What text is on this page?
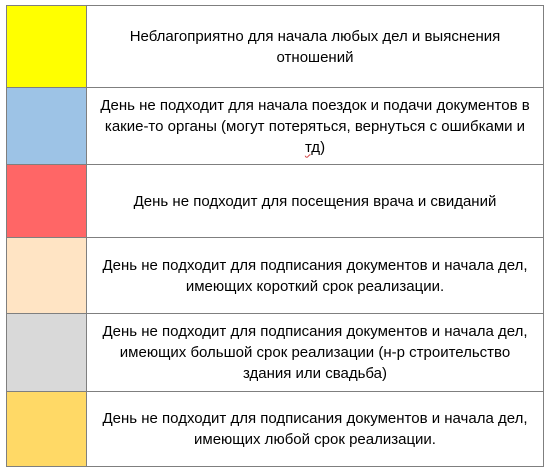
	Неблагоприятно для начала любых дел и выяснения отношений
	День не подходит для начала поездок и подачи документов в какие-то органы (могут потеряться, вернуться с ошибками и тд)
	День не подходит для посещения врача и свиданий
	День не подходит для подписания документов и начала дел, имеющих короткий срок реализации.
	День не подходит для подписания документов и начала дел, имеющих большой срок реализации (н-р строительство здания или свадьба)
	День не подходит для подписания документов и начала дел, имеющих любой срок реализации.
